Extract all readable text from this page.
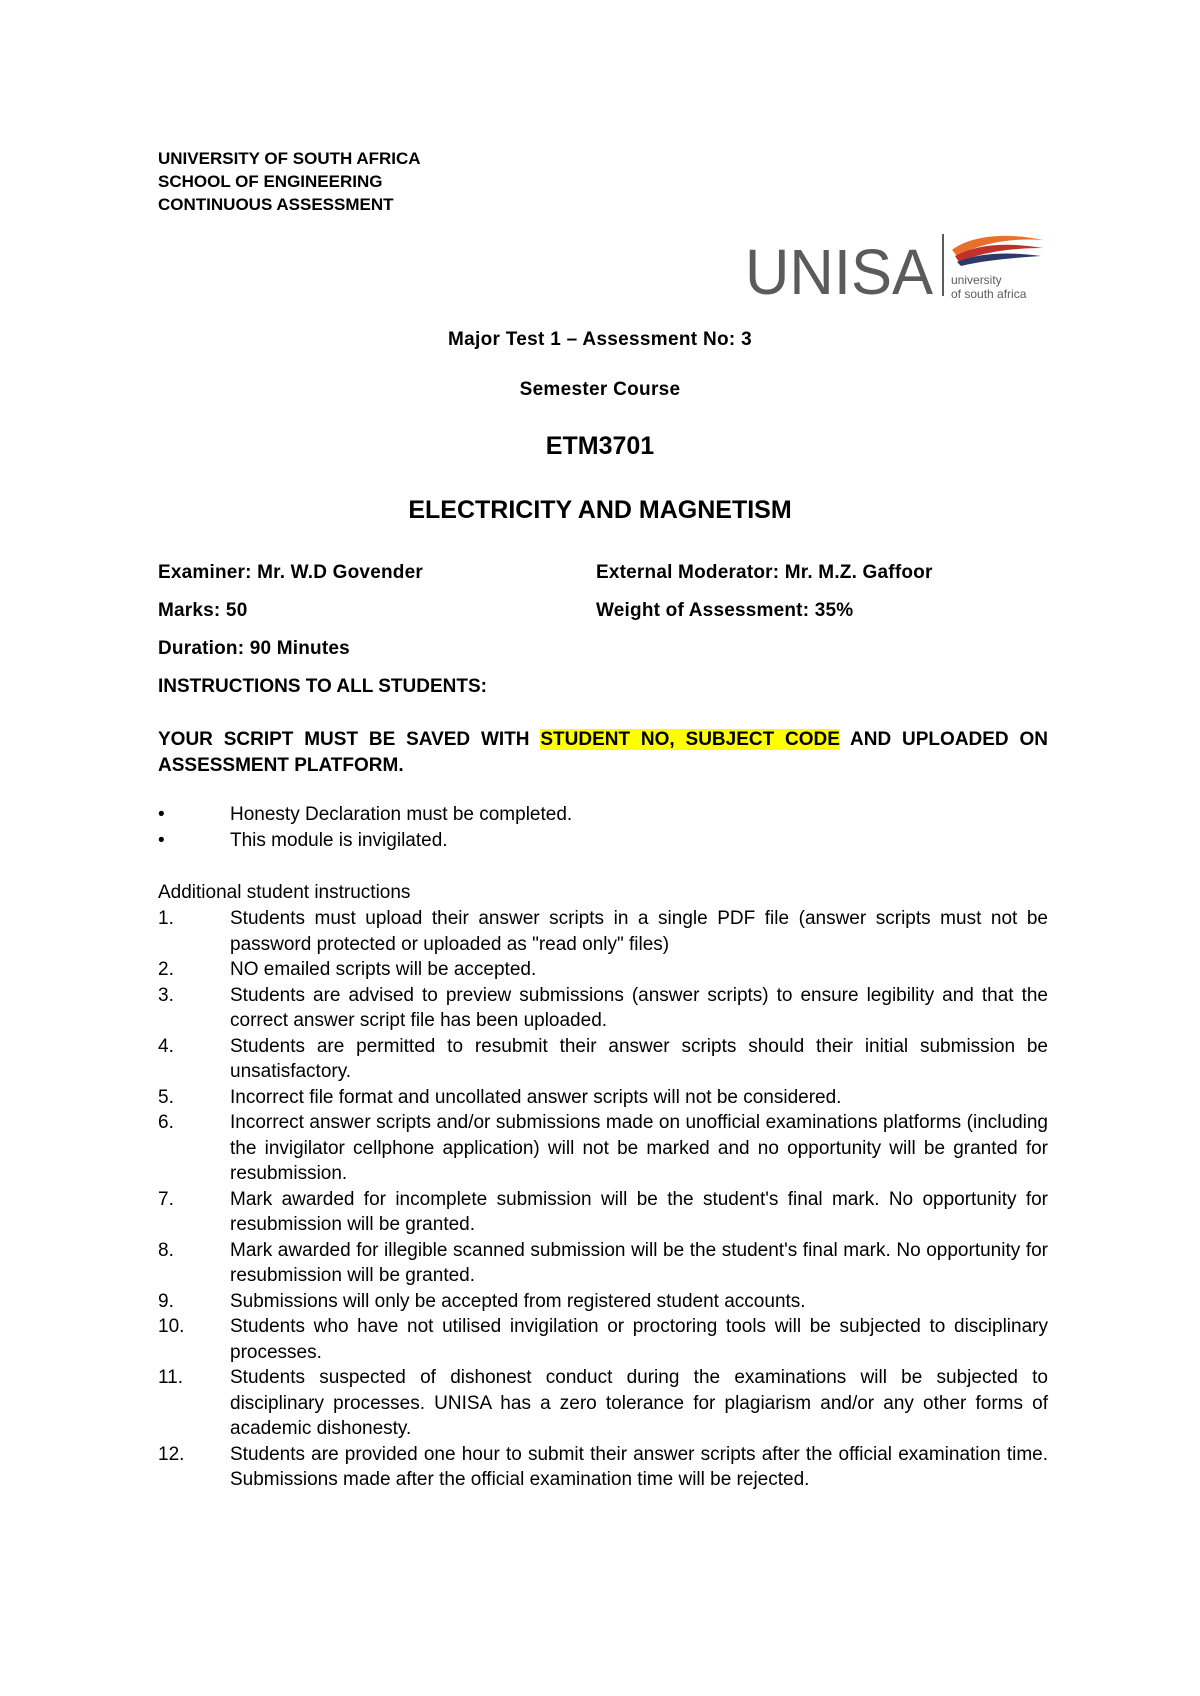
UNIVERSITY OF SOUTH AFRICA
SCHOOL OF ENGINEERING
CONTINUOUS ASSESSMENT
UNISA university
of south africa
Major Test 1 – Assessment No: 3
Semester Course
ETM3701
ELECTRICITY AND MAGNETISM
Examiner: Mr. W.D Govender	External Moderator: Mr. M.Z. Gaffoor
Marks: 50	Weight of Assessment: 35%
Duration: 90 Minutes
INSTRUCTIONS TO ALL STUDENTS:
YOUR SCRIPT MUST BE SAVED WITH STUDENT NO, SUBJECT CODE AND UPLOADED ON ASSESSMENT PLATFORM.
•	Honesty Declaration must be completed.
•	This module is invigilated.
Additional student instructions
1.	Students must upload their answer scripts in a single PDF file (answer scripts must not be password protected or uploaded as "read only" files)
2.	NO emailed scripts will be accepted.
3.	Students are advised to preview submissions (answer scripts) to ensure legibility and that the correct answer script file has been uploaded.
4.	Students are permitted to resubmit their answer scripts should their initial submission be unsatisfactory.
5.	Incorrect file format and uncollated answer scripts will not be considered.
6.	Incorrect answer scripts and/or submissions made on unofficial examinations platforms (including the invigilator cellphone application) will not be marked and no opportunity will be granted for resubmission.
7.	Mark awarded for incomplete submission will be the student's final mark. No opportunity for resubmission will be granted.
8.	Mark awarded for illegible scanned submission will be the student's final mark. No opportunity for resubmission will be granted.
9.	Submissions will only be accepted from registered student accounts.
10. Students who have not utilised invigilation or proctoring tools will be subjected to disciplinary processes.
11. Students suspected of dishonest conduct during the examinations will be subjected to disciplinary processes. UNISA has a zero tolerance for plagiarism and/or any other forms of academic dishonesty.
12. Students are provided one hour to submit their answer scripts after the official examination time. Submissions made after the official examination time will be rejected.
